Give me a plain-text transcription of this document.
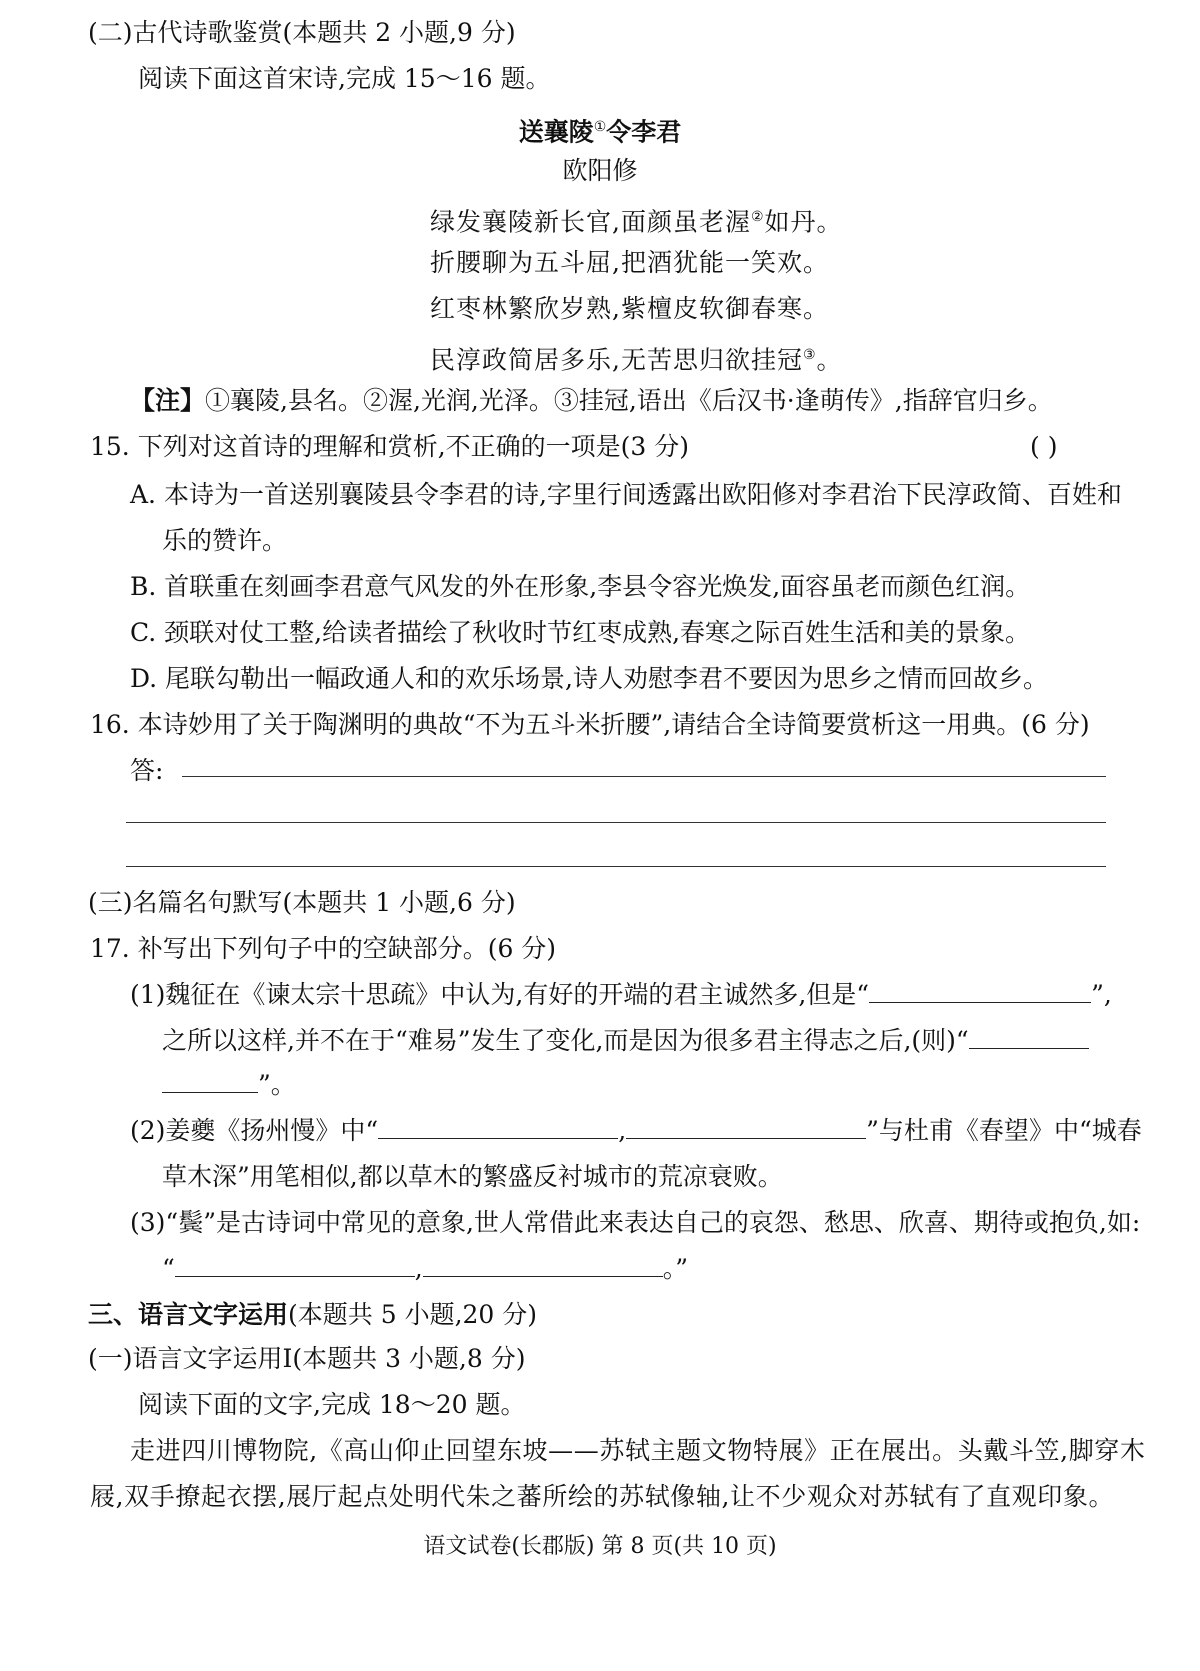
(二)古代诗歌鉴赏(本题共 2 小题,9 分)
阅读下面这首宋诗,完成 15～16 题。
送襄陵①令李君
欧阳修
绿发襄陵新长官,面颜虽老渥②如丹。
折腰聊为五斗屈,把酒犹能一笑欢。
红枣林繁欣岁熟,紫檀皮软御春寒。
民淳政简居多乐,无苦思归欲挂冠③。
【注】①襄陵,县名。②渥,光润,光泽。③挂冠,语出《后汉书·逢萌传》,指辞官归乡。
15. 下列对这首诗的理解和赏析,不正确的一项是(3 分)	( )
A. 本诗为一首送别襄陵县令李君的诗,字里行间透露出欧阳修对李君治下民淳政简、百姓和
乐的赞许。
B. 首联重在刻画李君意气风发的外在形象,李县令容光焕发,面容虽老而颜色红润。
C. 颈联对仗工整,给读者描绘了秋收时节红枣成熟,春寒之际百姓生活和美的景象。
D. 尾联勾勒出一幅政通人和的欢乐场景,诗人劝慰李君不要因为思乡之情而回故乡。
16. 本诗妙用了关于陶渊明的典故“不为五斗米折腰”,请结合全诗简要赏析这一用典。(6 分)
答:
(三)名篇名句默写(本题共 1 小题,6 分)
17. 补写出下列句子中的空缺部分。(6 分)
(1)魏征在《谏太宗十思疏》中认为,有好的开端的君主诚然多,但是“	”,
之所以这样,并不在于“难易”发生了变化,而是因为很多君主得志之后,(则)“
”。
(2)姜夔《扬州慢》中“	,	”与杜甫《春望》中“城春
草木深”用笔相似,都以草木的繁盛反衬城市的荒凉衰败。
(3)“鬓”是古诗词中常见的意象,世人常借此来表达自己的哀怨、愁思、欣喜、期待或抱负,如:
“	,	。”
三、语言文字运用(本题共 5 小题,20 分)
(一)语言文字运用Ⅰ(本题共 3 小题,8 分)
阅读下面的文字,完成 18～20 题。
走进四川博物院,《高山仰止回望东坡——苏轼主题文物特展》正在展出。头戴斗笠,脚穿木
屐,双手撩起衣摆,展厅起点处明代朱之蕃所绘的苏轼像轴,让不少观众对苏轼有了直观印象。
语文试卷(长郡版) 第 8 页(共 10 页)
